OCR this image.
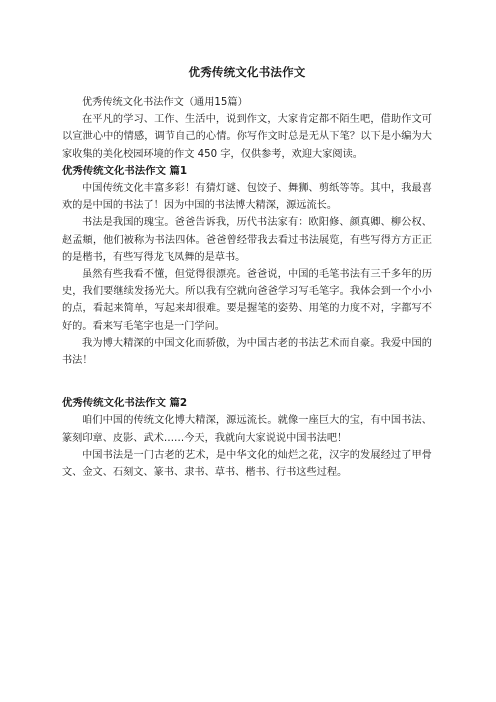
优秀传统文化书法作文

优秀传统文化书法作文（通用15篇）

在平凡的学习、工作、生活中，说到作文，大家肯定都不陌生吧，借助作文可以宣泄心中的情感，调节自己的心情。你写作文时总是无从下笔？以下是小编为大家收集的美化校园环境的作文 450 字，仅供参考，欢迎大家阅读。

优秀传统文化书法作文 篇1

中国传统文化丰富多彩！有猜灯谜、包饺子、舞狮、剪纸等等。其中，我最喜欢的是中国的书法了！因为中国的书法博大精深，源远流长。

书法是我国的瑰宝。爸爸告诉我，历代书法家有：欧阳修、颜真卿、柳公权、赵孟頫，他们被称为书法四体。爸爸曾经带我去看过书法展览，有些写得方方正正的是楷书，有些写得龙飞凤舞的是草书。

虽然有些我看不懂，但觉得很漂亮。爸爸说，中国的毛笔书法有三千多年的历史，我们要继续发扬光大。所以我有空就向爸爸学习写毛笔字。我体会到一个小小的点，看起来简单，写起来却很难。要是握笔的姿势、用笔的力度不对，字都写不好的。看来写毛笔字也是一门学问。

我为博大精深的中国文化而骄傲，为中国古老的书法艺术而自豪。我爱中国的书法！

优秀传统文化书法作文 篇2

咱们中国的传统文化博大精深，源远流长。就像一座巨大的宝，有中国书法、篆刻印章、皮影、武术……今天，我就向大家说说中国书法吧！

中国书法是一门古老的艺术，是中华文化的灿烂之花，汉字的发展经过了甲骨文、金文、石刻文、篆书、隶书、草书、楷书、行书这些过程。
